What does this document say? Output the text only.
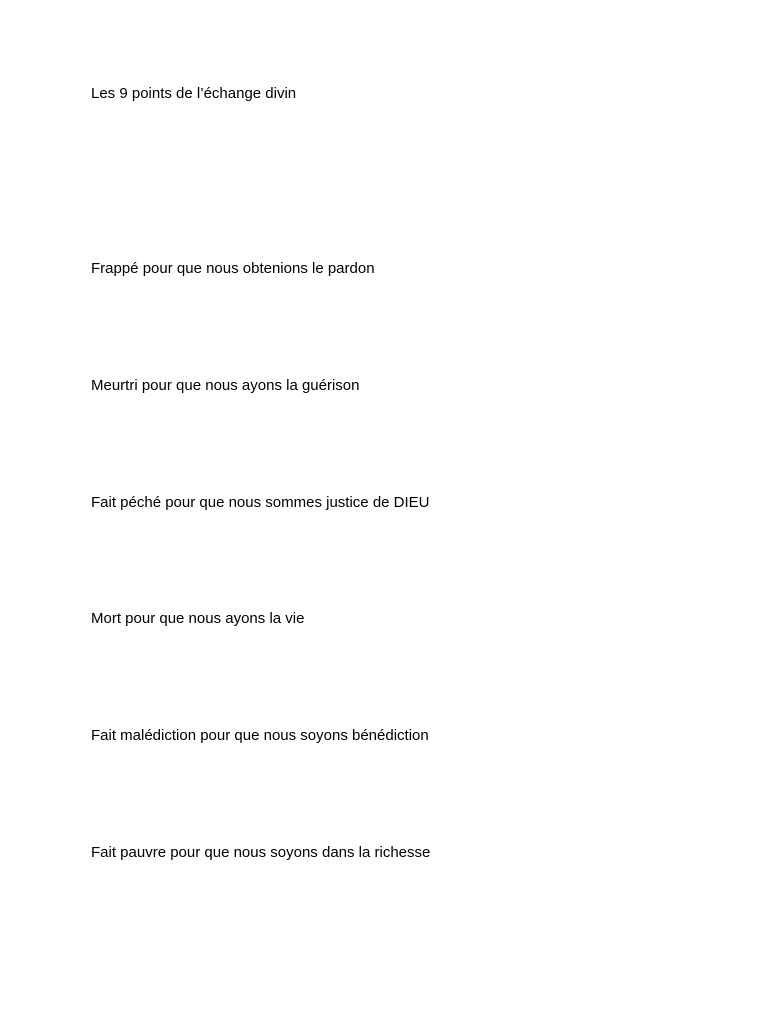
Les 9 points de l’échange divin

Frappé pour que nous obtenions le pardon

Meurtri pour que nous ayons la guérison

Fait péché pour que nous sommes justice de DIEU

Mort pour que nous ayons la vie

Fait malédiction pour que nous soyons bénédiction

Fait pauvre pour que nous soyons dans la richesse
